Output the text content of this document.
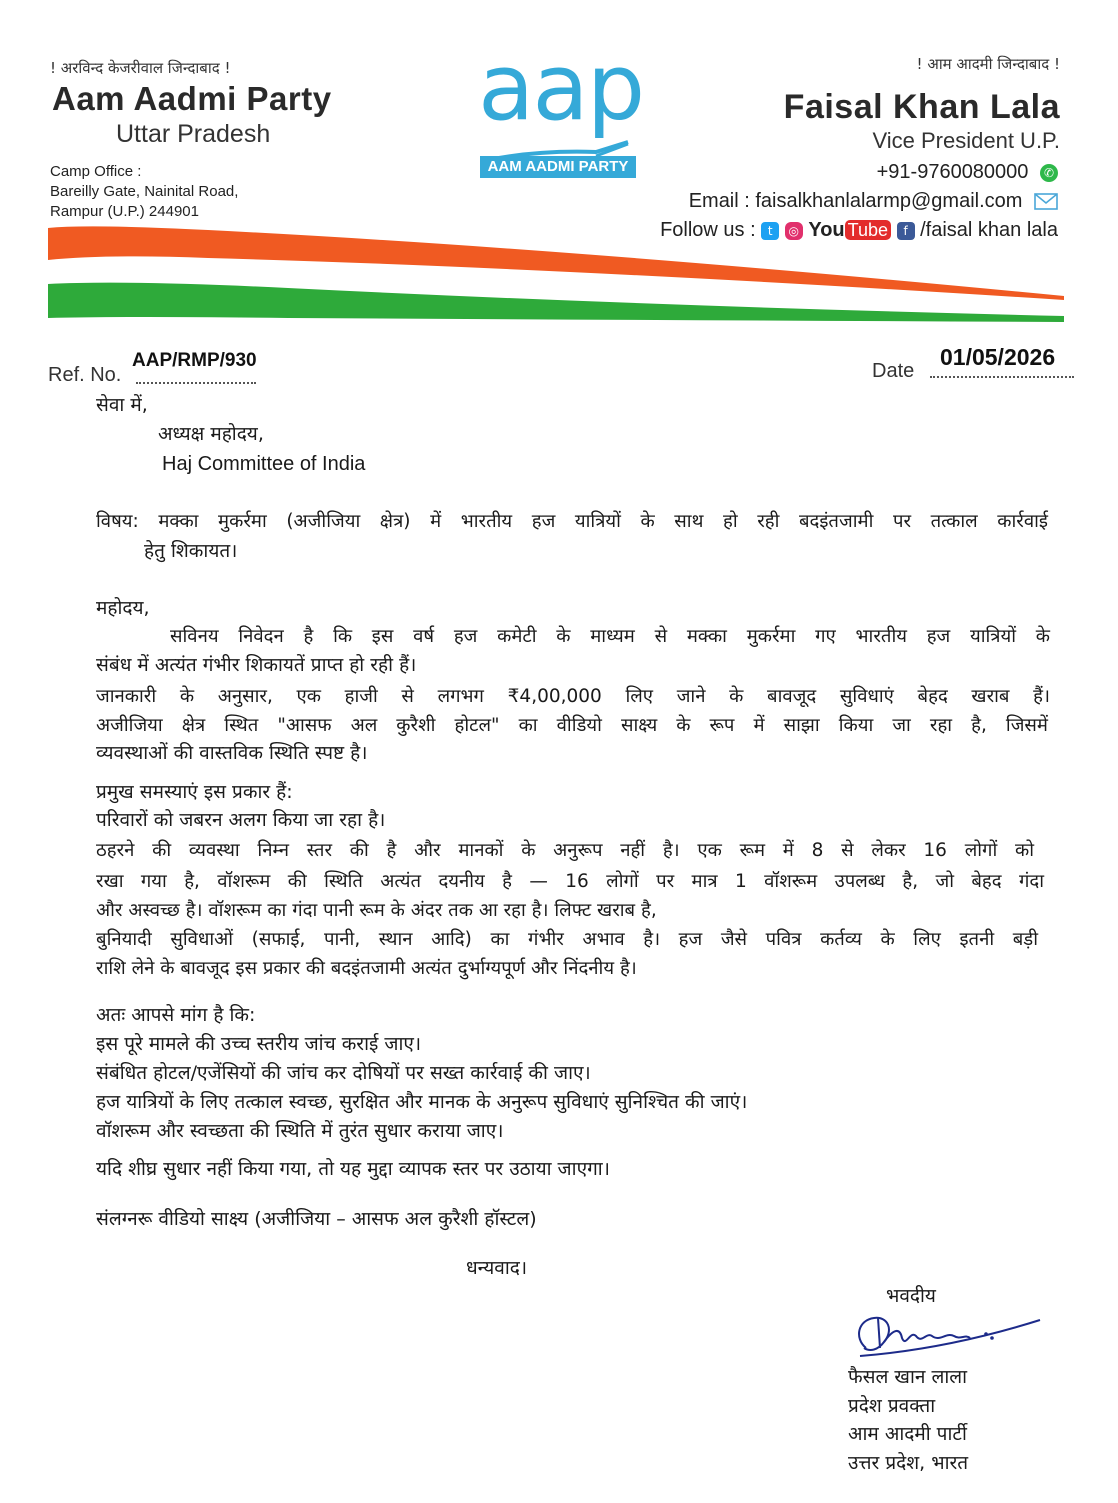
! अरविन्द केजरीवाल जिन्दाबाद !
Aam Aadmi Party
Uttar Pradesh
Camp Office :
Bareilly Gate, Nainital Road,
Rampur (U.P.) 244901
aap
AAM AADMI PARTY
! आम आदमी जिन्दाबाद !
Faisal Khan Lala
Vice President U.P.
+91-9760080000 ✆
Email : faisalkhanlalarmp@gmail.com
Follow us : t ◎ You Tube f /faisal khan lala
Ref. No.
AAP/RMP/930	Date
01/05/2026
सेवा में,
अध्यक्ष महोदय,
Haj Committee of India
विषय: मक्का मुकर्रमा (अजीजिया क्षेत्र) में भारतीय हज यात्रियों के साथ हो रही बदइंतजामी पर तत्काल कार्रवाई
हेतु शिकायत।
महोदय,
सविनय निवेदन है कि इस वर्ष हज कमेटी के माध्यम से मक्का मुकर्रमा गए भारतीय हज यात्रियों के
संबंध में अत्यंत गंभीर शिकायतें प्राप्त हो रही हैं।
जानकारी के अनुसार, एक हाजी से लगभग ₹4,00,000 लिए जाने के बावजूद सुविधाएं बेहद खराब हैं।
अजीजिया क्षेत्र स्थित "आसफ अल कुरैशी होटल" का वीडियो साक्ष्य के रूप में साझा किया जा रहा है, जिसमें
व्यवस्थाओं की वास्तविक स्थिति स्पष्ट है।
प्रमुख समस्याएं इस प्रकार हैं:
परिवारों को जबरन अलग किया जा रहा है।
ठहरने की व्यवस्था निम्न स्तर की है और मानकों के अनुरूप नहीं है। एक रूम में 8 से लेकर 16 लोगों को
रखा गया है, वॉशरूम की स्थिति अत्यंत दयनीय है — 16 लोगों पर मात्र 1 वॉशरूम उपलब्ध है, जो बेहद गंदा
और अस्वच्छ है। वॉशरूम का गंदा पानी रूम के अंदर तक आ रहा है। लिफ्ट खराब है,
बुनियादी सुविधाओं (सफाई, पानी, स्थान आदि) का गंभीर अभाव है। हज जैसे पवित्र कर्तव्य के लिए इतनी बड़ी
राशि लेने के बावजूद इस प्रकार की बदइंतजामी अत्यंत दुर्भाग्यपूर्ण और निंदनीय है।
अतः आपसे मांग है कि:
इस पूरे मामले की उच्च स्तरीय जांच कराई जाए।
संबंधित होटल/एजेंसियों की जांच कर दोषियों पर सख्त कार्रवाई की जाए।
हज यात्रियों के लिए तत्काल स्वच्छ, सुरक्षित और मानक के अनुरूप सुविधाएं सुनिश्चित की जाएं।
वॉशरूम और स्वच्छता की स्थिति में तुरंत सुधार कराया जाए।
यदि शीघ्र सुधार नहीं किया गया, तो यह मुद्दा व्यापक स्तर पर उठाया जाएगा।
संलग्नरू वीडियो साक्ष्य (अजीजिया – आसफ अल कुरैशी हॉस्टल)
धन्यवाद।
भवदीय
फैसल खान लाला
प्रदेश प्रवक्ता
आम आदमी पार्टी
उत्तर प्रदेश, भारत
